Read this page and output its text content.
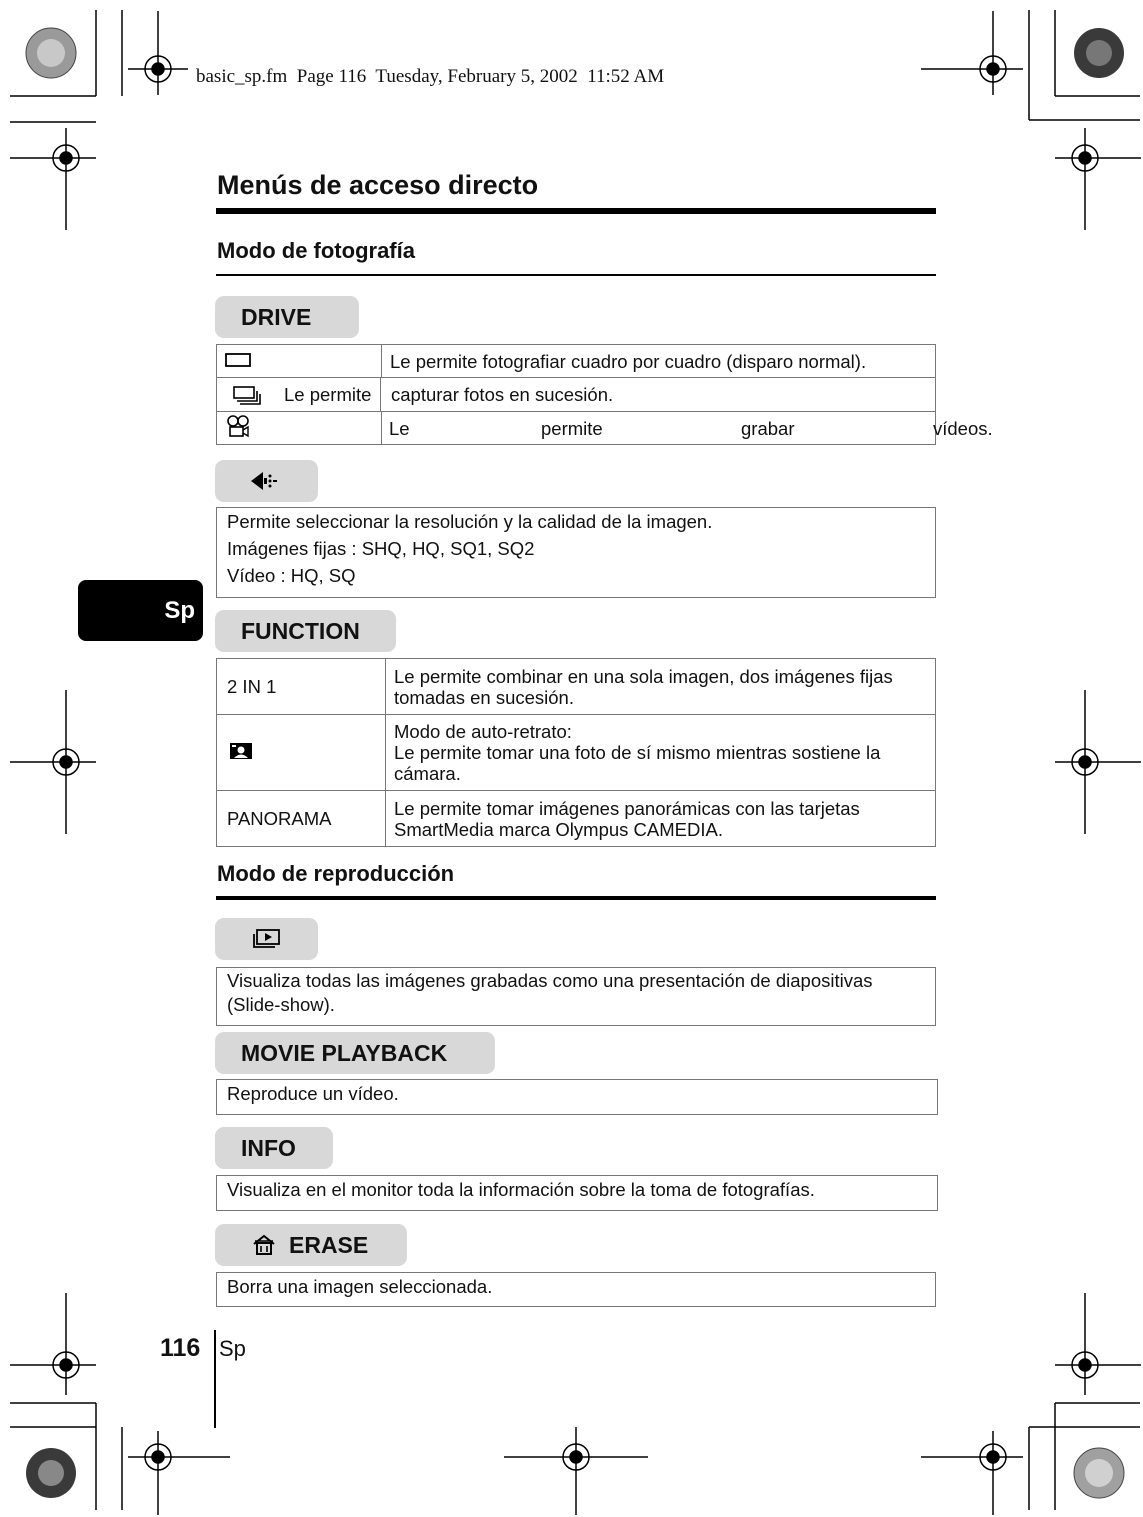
basic_sp.fm  Page 116  Tuesday, February 5, 2002  11:52 AM
Menús de acceso directo
Modo de fotografía
DRIVE
	Le permite fotografiar cuadro por cuadro (disparo normal).

Le permite capturar fotos en sucesión.	

Le permite grabar vídeos.
Permite seleccionar la resolución y la calidad de la imagen.
Imágenes fijas : SHQ, HQ, SQ1, SQ2
Vídeo : HQ, SQ
Sp
FUNCTION
2 IN 1	Le permite combinar en una sola imagen, dos imágenes fijas tomadas en sucesión.

Modo de auto-retrato:
Le permite tomar una foto de sí mismo mientras sostiene la cámara.

PANORAMA	Le permite tomar imágenes panorámicas con las tarjetas SmartMedia marca Olympus CAMEDIA.
Modo de reproducción
Visualiza todas las imágenes grabadas como una presentación de diapositivas (Slide-show).
MOVIE PLAYBACK
Reproduce un vídeo.
INFO
Visualiza en el monitor toda la información sobre la toma de fotografías.
ERASE
Borra una imagen seleccionada.
116 Sp
